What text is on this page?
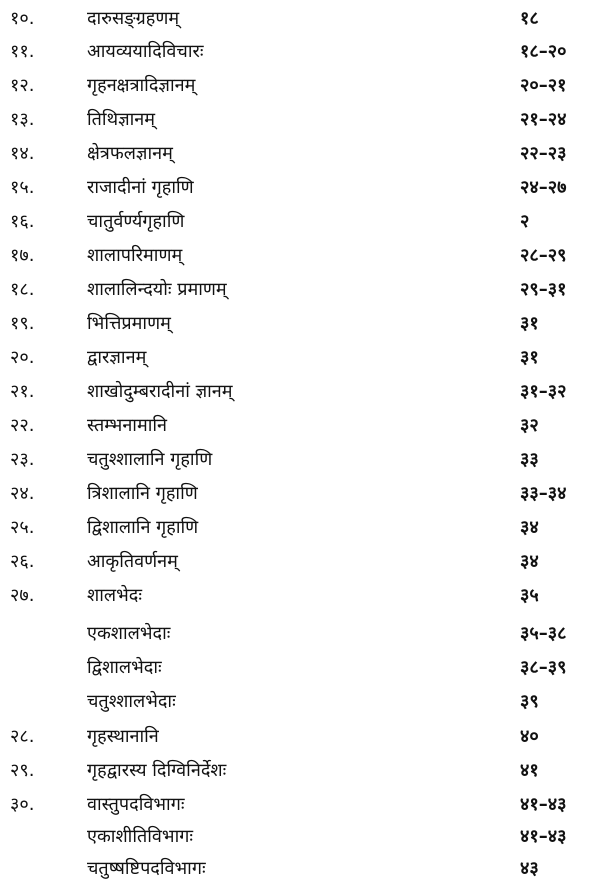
१०.	दारुसङ्ग्रहणम्	१८
११.	आयव्ययादिविचारः	१८–२०
१२.	गृहनक्षत्रादिज्ञानम्	२०–२१
१३.	तिथिज्ञानम्	२१–२४
१४.	क्षेत्रफलज्ञानम्	२२–२३
१५.	राजादीनां गृहाणि	२४–२७
१६.	चातुर्वर्ण्यगृहाणि	२
१७.	शालापरिमाणम्	२८–२९
१८.	शालालिन्दयोः प्रमाणम्	२९–३१
१९.	भित्तिप्रमाणम्	३१
२०.	द्वारज्ञानम्	३१
२१.	शाखोदुम्बरादीनां ज्ञानम्	३१–३२
२२.	स्तम्भनामानि	३२
२३.	चतुश्शालानि गृहाणि	३३
२४.	त्रिशालानि गृहाणि	३३–३४
२५.	द्विशालानि गृहाणि	३४
२६.	आकृतिवर्णनम्	३४
२७.	शालभेदः	३५
एकशालभेदाः	३५–३८
द्विशालभेदाः	३८–३९
चतुश्शालभेदाः	३९
२८.	गृहस्थानानि	४०
२९.	गृहद्वारस्य दिग्विनिर्देशः	४१
३०.	वास्तुपदविभागः	४१–४३
एकाशीतिविभागः	४१–४३
चतुष्षष्टिपदविभागः	४३
